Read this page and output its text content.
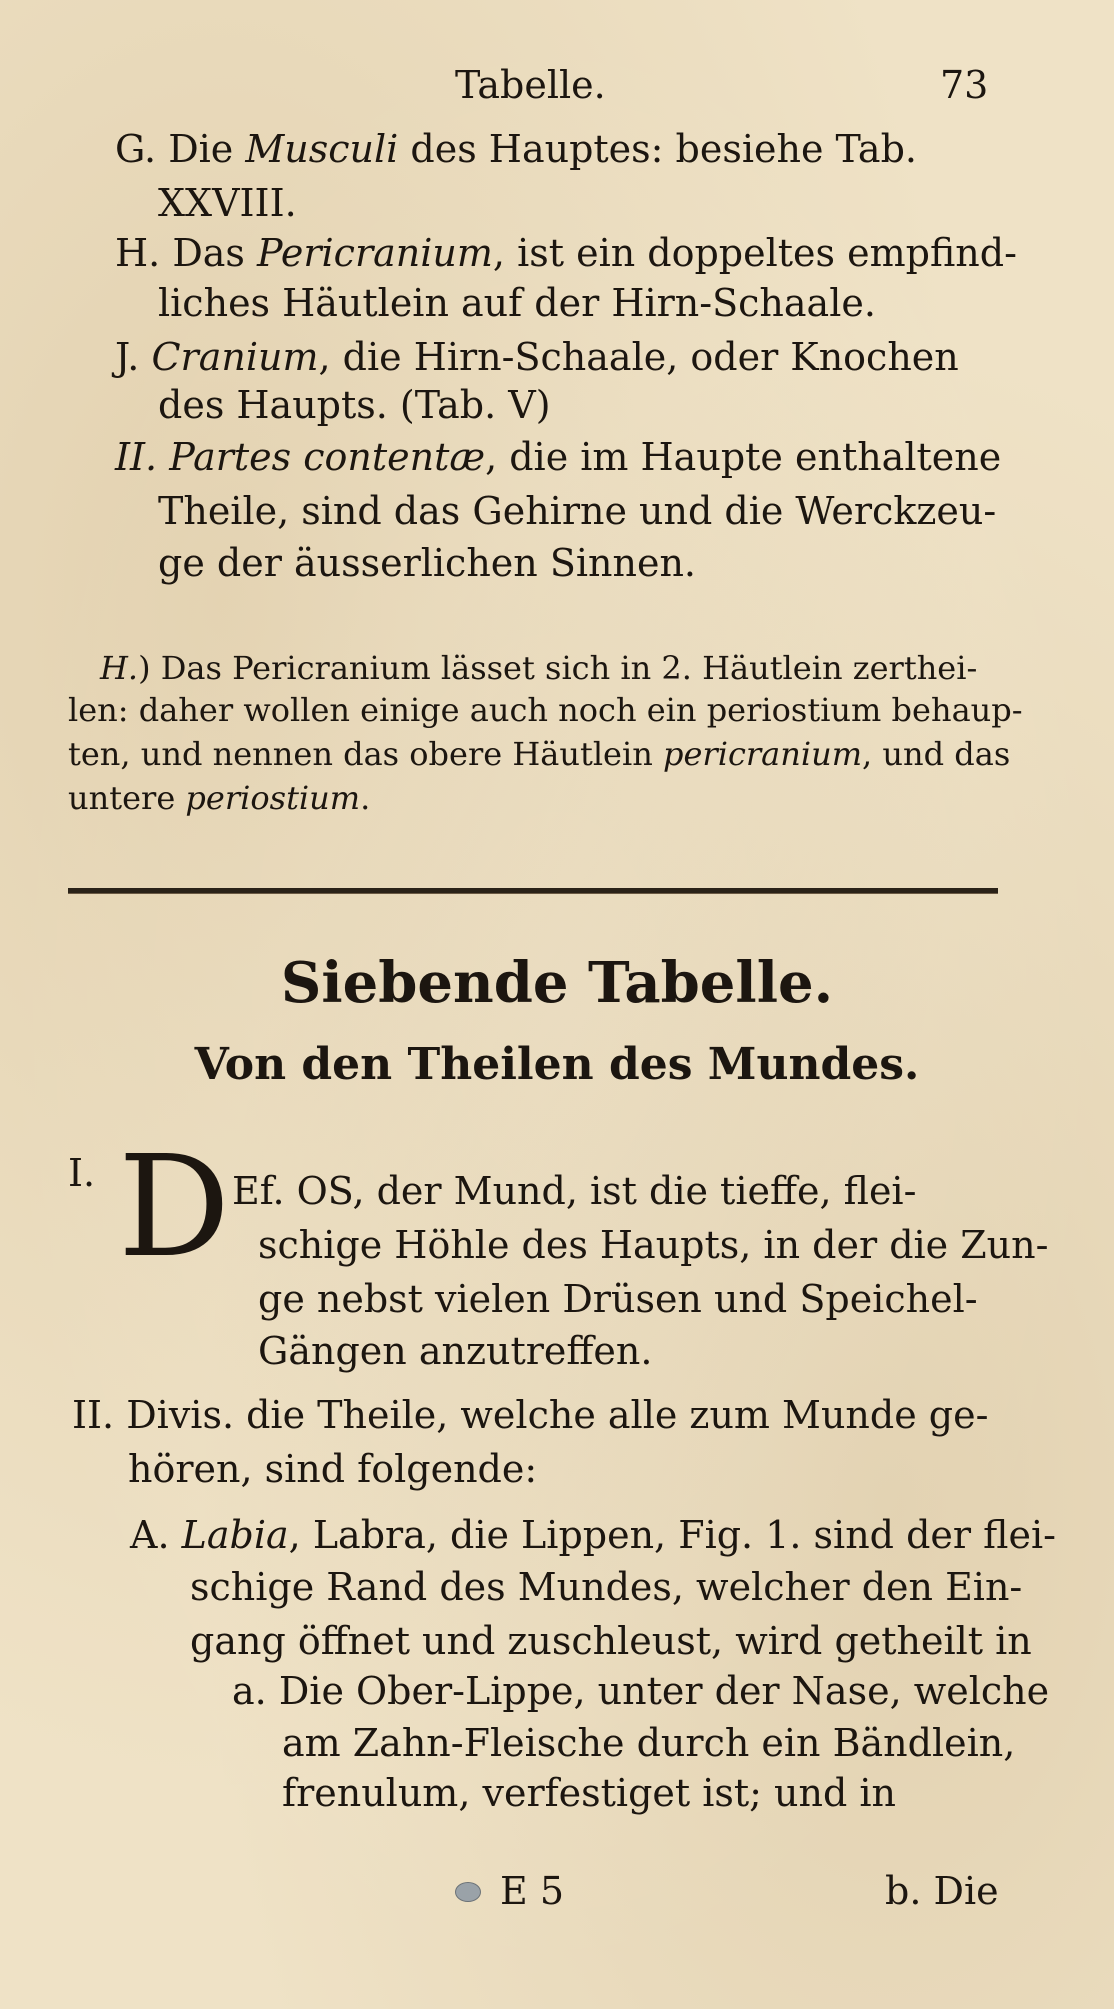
Tabelle.	73
G. Die Musculi des Hauptes: besiehe Tab.
XXVIII.
H. Das Pericranium, ist ein doppeltes empfind-
liches Häutlein auf der Hirn-Schaale.
J. Cranium, die Hirn-Schaale, oder Knochen
des Haupts. (Tab. V)
II. Partes contentæ, die im Haupte enthaltene
Theile, sind das Gehirne und die Werckzeu-
ge der äusserlichen Sinnen.
H.) Das Pericranium lässet sich in 2. Häutlein zerthei-
len: daher wollen einige auch noch ein periostium behaup-
ten, und nennen das obere Häutlein pericranium, und das
untere periostium.
Siebende Tabelle.
Von den Theilen des Mundes.
I. D Ef. OS, der Mund, ist die tieffe, flei-
schige Höhle des Haupts, in der die Zun-
ge nebst vielen Drüsen und Speichel-
Gängen anzutreffen.
II. Divis. die Theile, welche alle zum Munde ge-
hören, sind folgende:
A. Labia, Labra, die Lippen, Fig. 1. sind der flei-
schige Rand des Mundes, welcher den Ein-
gang öffnet und zuschleust, wird getheilt in
a. Die Ober-Lippe, unter der Nase, welche
am Zahn-Fleische durch ein Bändlein,
frenulum, verfestiget ist; und in
E 5	b. Die
